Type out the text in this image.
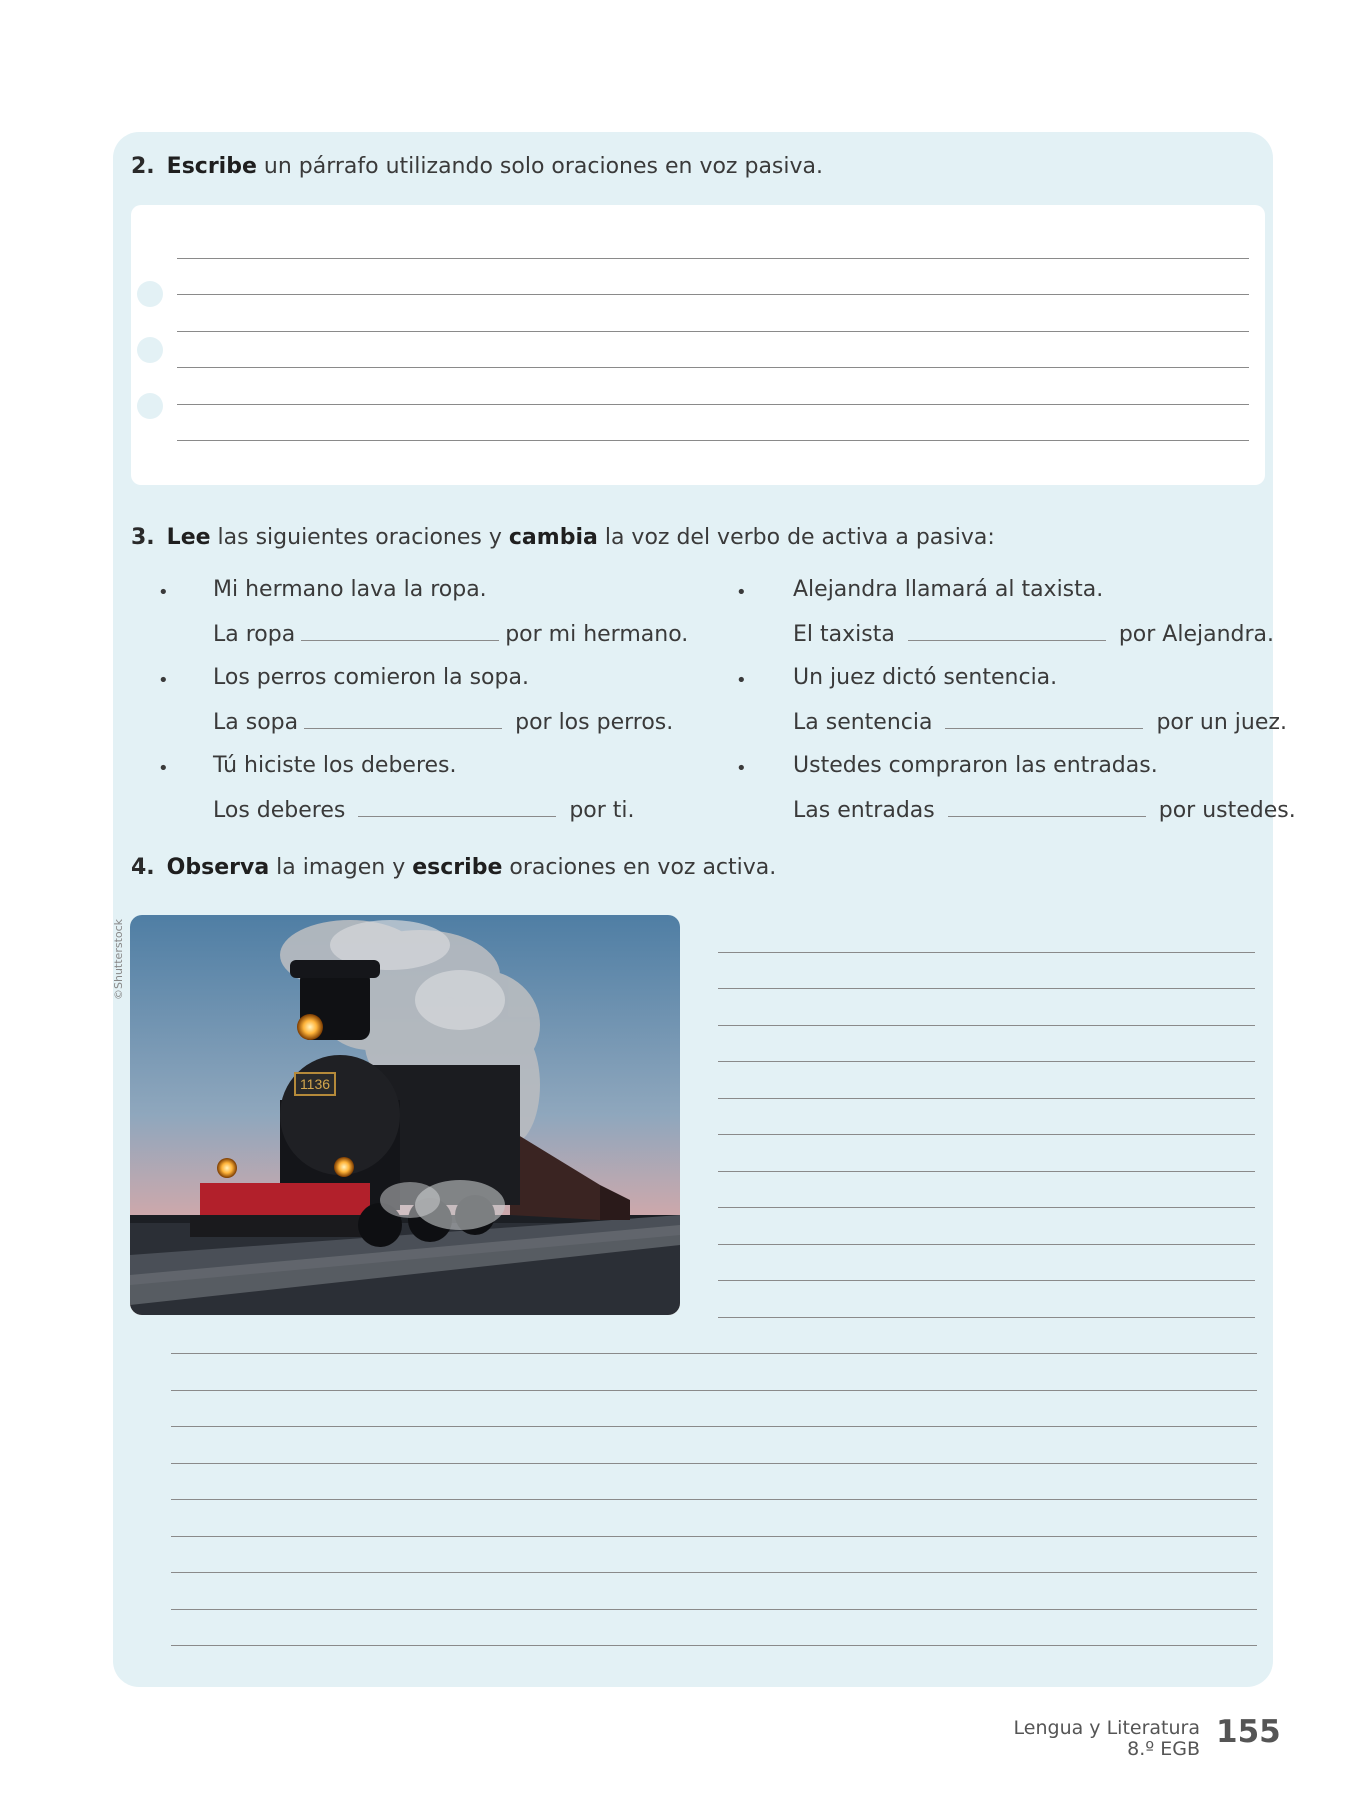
2. Escribe un párrafo utilizando solo oraciones en voz pasiva.
3. Lee las siguientes oraciones y cambia la voz del verbo de activa a pasiva:
• Mi hermano lava la ropa.
La ropa	por mi hermano.
• Los perros comieron la sopa.
La sopa	por los perros.
• Tú hiciste los deberes.
Los deberes	por ti.
• Alejandra llamará al taxista.
El taxista	por Alejandra.
• Un juez dictó sentencia.
La sentencia	por un juez.
• Ustedes compraron las entradas.
Las entradas	por ustedes.
4. Observa la imagen y escribe oraciones en voz activa.
©Shutterstock
1136
Lengua y Literatura
8.º EGB 155
